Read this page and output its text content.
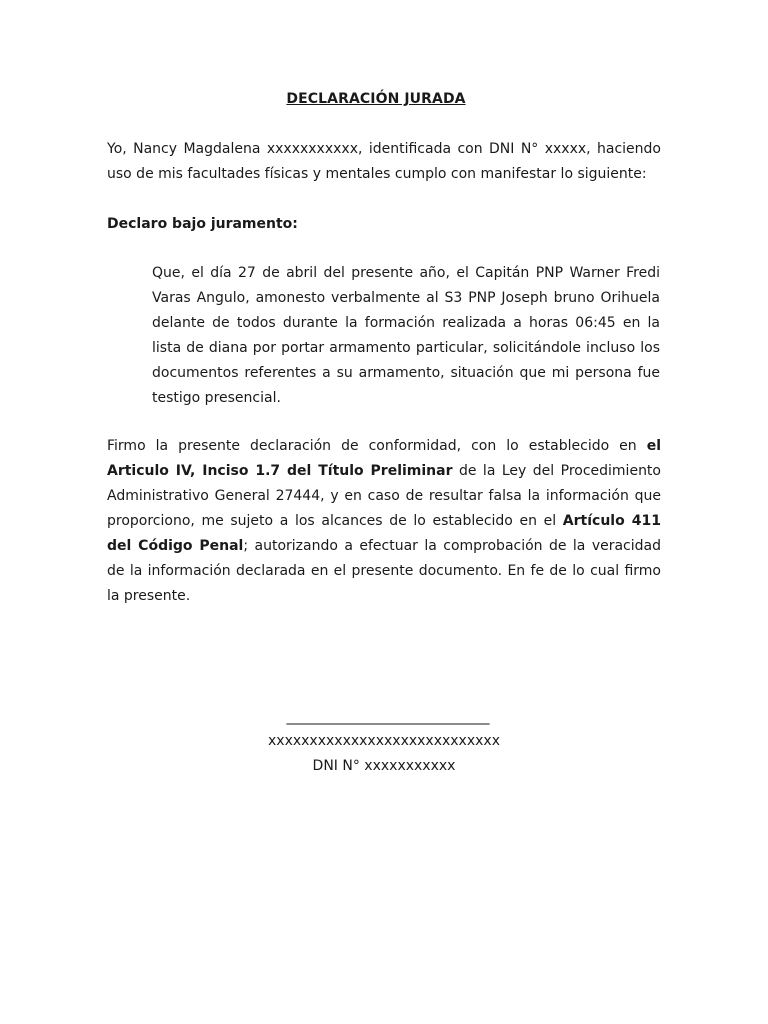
DECLARACIÓN JURADA

Yo, Nancy Magdalena xxxxxxxxxxx, identificada con DNI N° xxxxx, haciendo uso de mis facultades físicas y mentales cumplo con manifestar lo siguiente:

Declaro bajo juramento:

Que, el día 27 de abril del presente año, el Capitán PNP Warner Fredi Varas Angulo, amonesto verbalmente al S3 PNP Joseph bruno Orihuela delante de todos durante la formación realizada a horas 06:45 en la lista de diana por portar armamento particular, solicitándole incluso los documentos referentes a su armamento, situación que mi persona fue testigo presencial.

Firmo la presente declaración de conformidad, con lo establecido en el Articulo IV, Inciso 1.7 del Título Preliminar de la Ley del Procedimiento Administrativo General 27444, y en caso de resultar falsa la información que proporciono, me sujeto a los alcances de lo establecido en el Artículo 411 del Código Penal; autorizando a efectuar la comprobación de la veracidad de la información declarada en el presente documento. En fe de lo cual firmo la presente.

_____________________________

xxxxxxxxxxxxxxxxxxxxxxxxxxxx

DNI N° xxxxxxxxxxx
